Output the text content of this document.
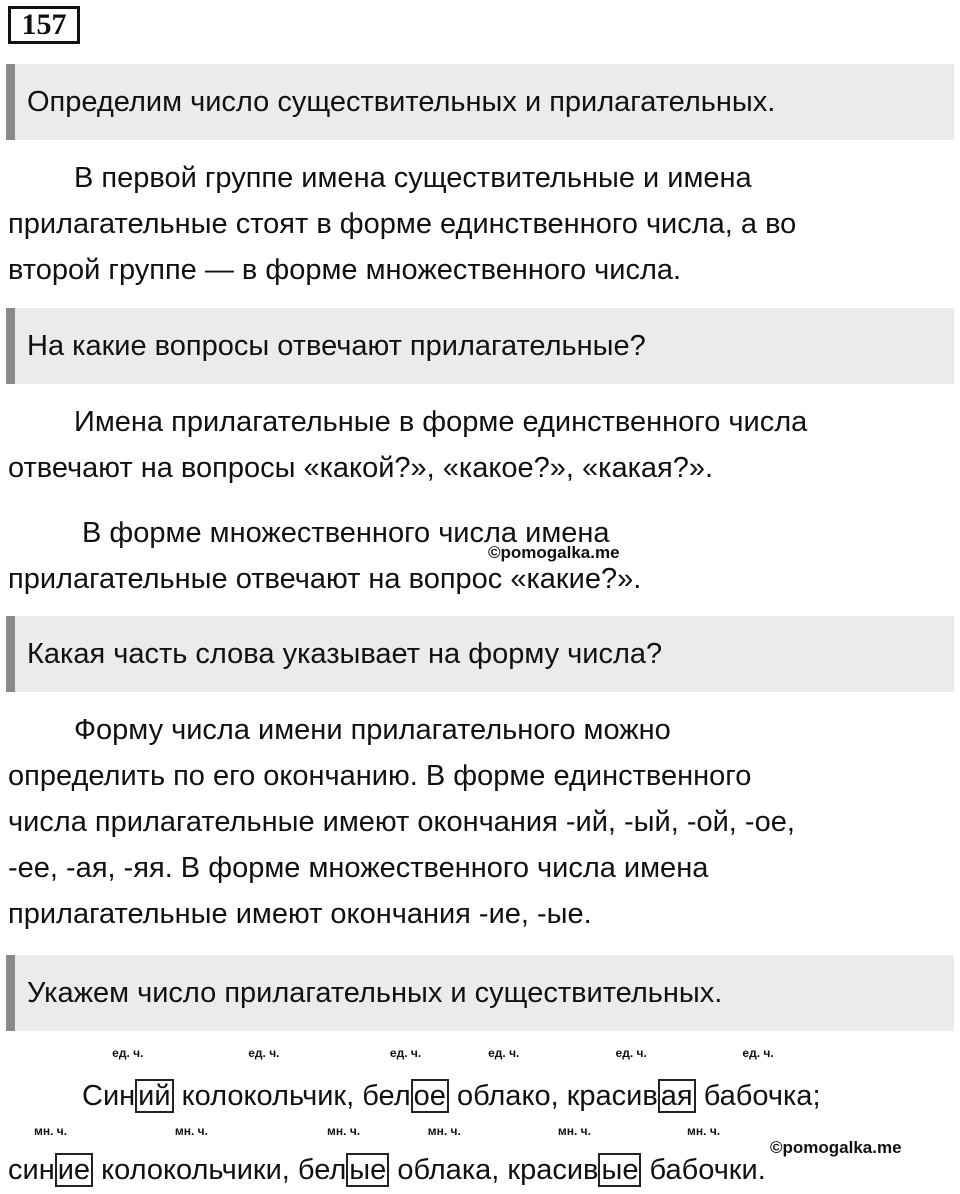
157
Определим число существительных и прилагательных.

В первой группе имена существительные и имена
прилагательные стоят в форме единственного числа, а во
второй группе — в форме множественного числа.

На какие вопросы отвечают прилагательные?

Имена прилагательные в форме единственного числа
отвечают на вопросы «какой?», «какое?», «какая?».

В форме множественного числа имена
прилагательные отвечают на вопрос «какие?».

©pomogalka.me
Какая часть слова указывает на форму числа?

Форму числа имени прилагательного можно
определить по его окончанию. В форме единственного
числа прилагательные имеют окончания -ий, -ый, -ой, -ое,
-ее, -ая, -яя. В форме множественного числа имена
прилагательные имеют окончания -ие, -ые.

Укажем число прилагательных и существительных.
ед. ч.
Син ий
ед. ч.
колокольчик,
ед. ч.
бел ое
ед. ч.
облако,
ед. ч.
красив ая
ед. ч.
бабочка;
мн. ч.
син ие
мн. ч.
колокольчики,
мн. ч.
бел ые
мн. ч.
облака,
мн. ч.
красив ые
мн. ч.
бабочки.
©pomogalka.me
